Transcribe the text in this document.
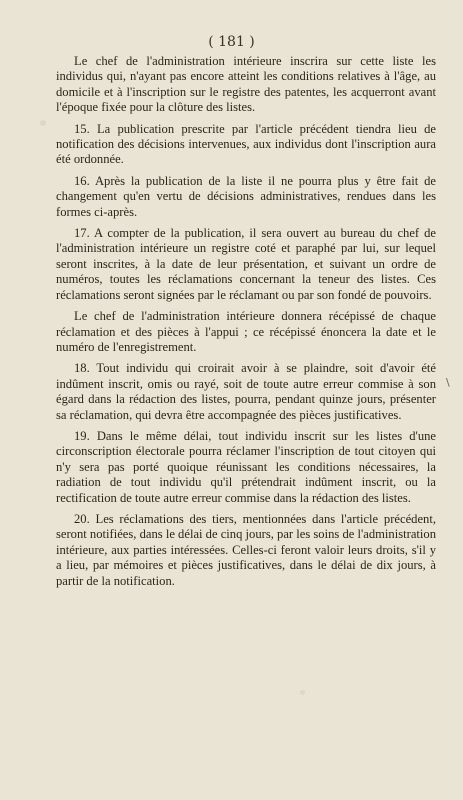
( 181 )

Le chef de l'administration intérieure inscrira sur cette liste les individus qui, n'ayant pas encore atteint les conditions relatives à l'âge, au domicile et à l'inscription sur le registre des patentes, les acquerront avant l'époque fixée pour la clôture des listes.

15. La publication prescrite par l'article précédent tiendra lieu de notification des décisions intervenues, aux individus dont l'inscription aura été ordonnée.

16. Après la publication de la liste il ne pourra plus y être fait de changement qu'en vertu de décisions administratives, rendues dans les formes ci-après.

17. A compter de la publication, il sera ouvert au bureau du chef de l'administration intérieure un registre coté et paraphé par lui, sur lequel seront inscrites, à la date de leur présentation, et suivant un ordre de numéros, toutes les réclamations concernant la teneur des listes. Ces réclamations seront signées par le réclamant ou par son fondé de pouvoirs.

Le chef de l'administration intérieure donnera récépissé de chaque réclamation et des pièces à l'appui ; ce récépissé énoncera la date et le numéro de l'enregistrement.

18. Tout individu qui croirait avoir à se plaindre, soit d'avoir été indûment inscrit, omis ou rayé, soit de toute autre erreur commise à son égard dans la rédaction des listes, pourra, pendant quinze jours, présenter sa réclamation, qui devra être accompagnée des pièces justificatives.

19. Dans le même délai, tout individu inscrit sur les listes d'une circonscription électorale pourra réclamer l'inscription de tout citoyen qui n'y sera pas porté quoique réunissant les conditions nécessaires, la radiation de tout individu qu'il prétendrait indûment inscrit, ou la rectification de toute autre erreur commise dans la rédaction des listes.

20. Les réclamations des tiers, mentionnées dans l'article précédent, seront notifiées, dans le délai de cinq jours, par les soins de l'administration intérieure, aux parties intéressées. Celles-ci feront valoir leurs droits, s'il y a lieu, par mémoires et pièces justificatives, dans le délai de dix jours, à partir de la notification.

\
